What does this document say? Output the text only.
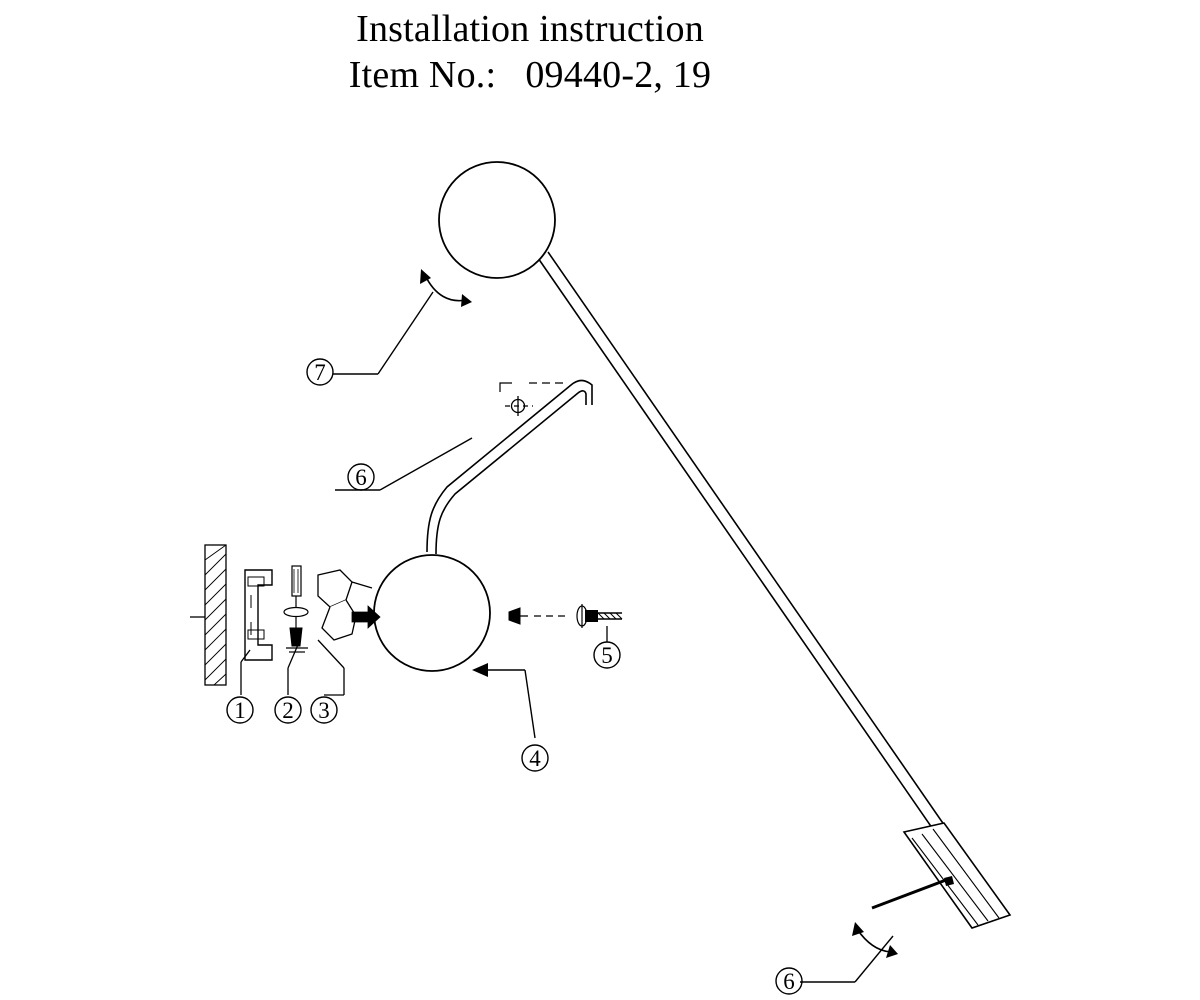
Installation instruction
Item No.: 09440-2, 19
6
7
6
1 2 3
4
5
